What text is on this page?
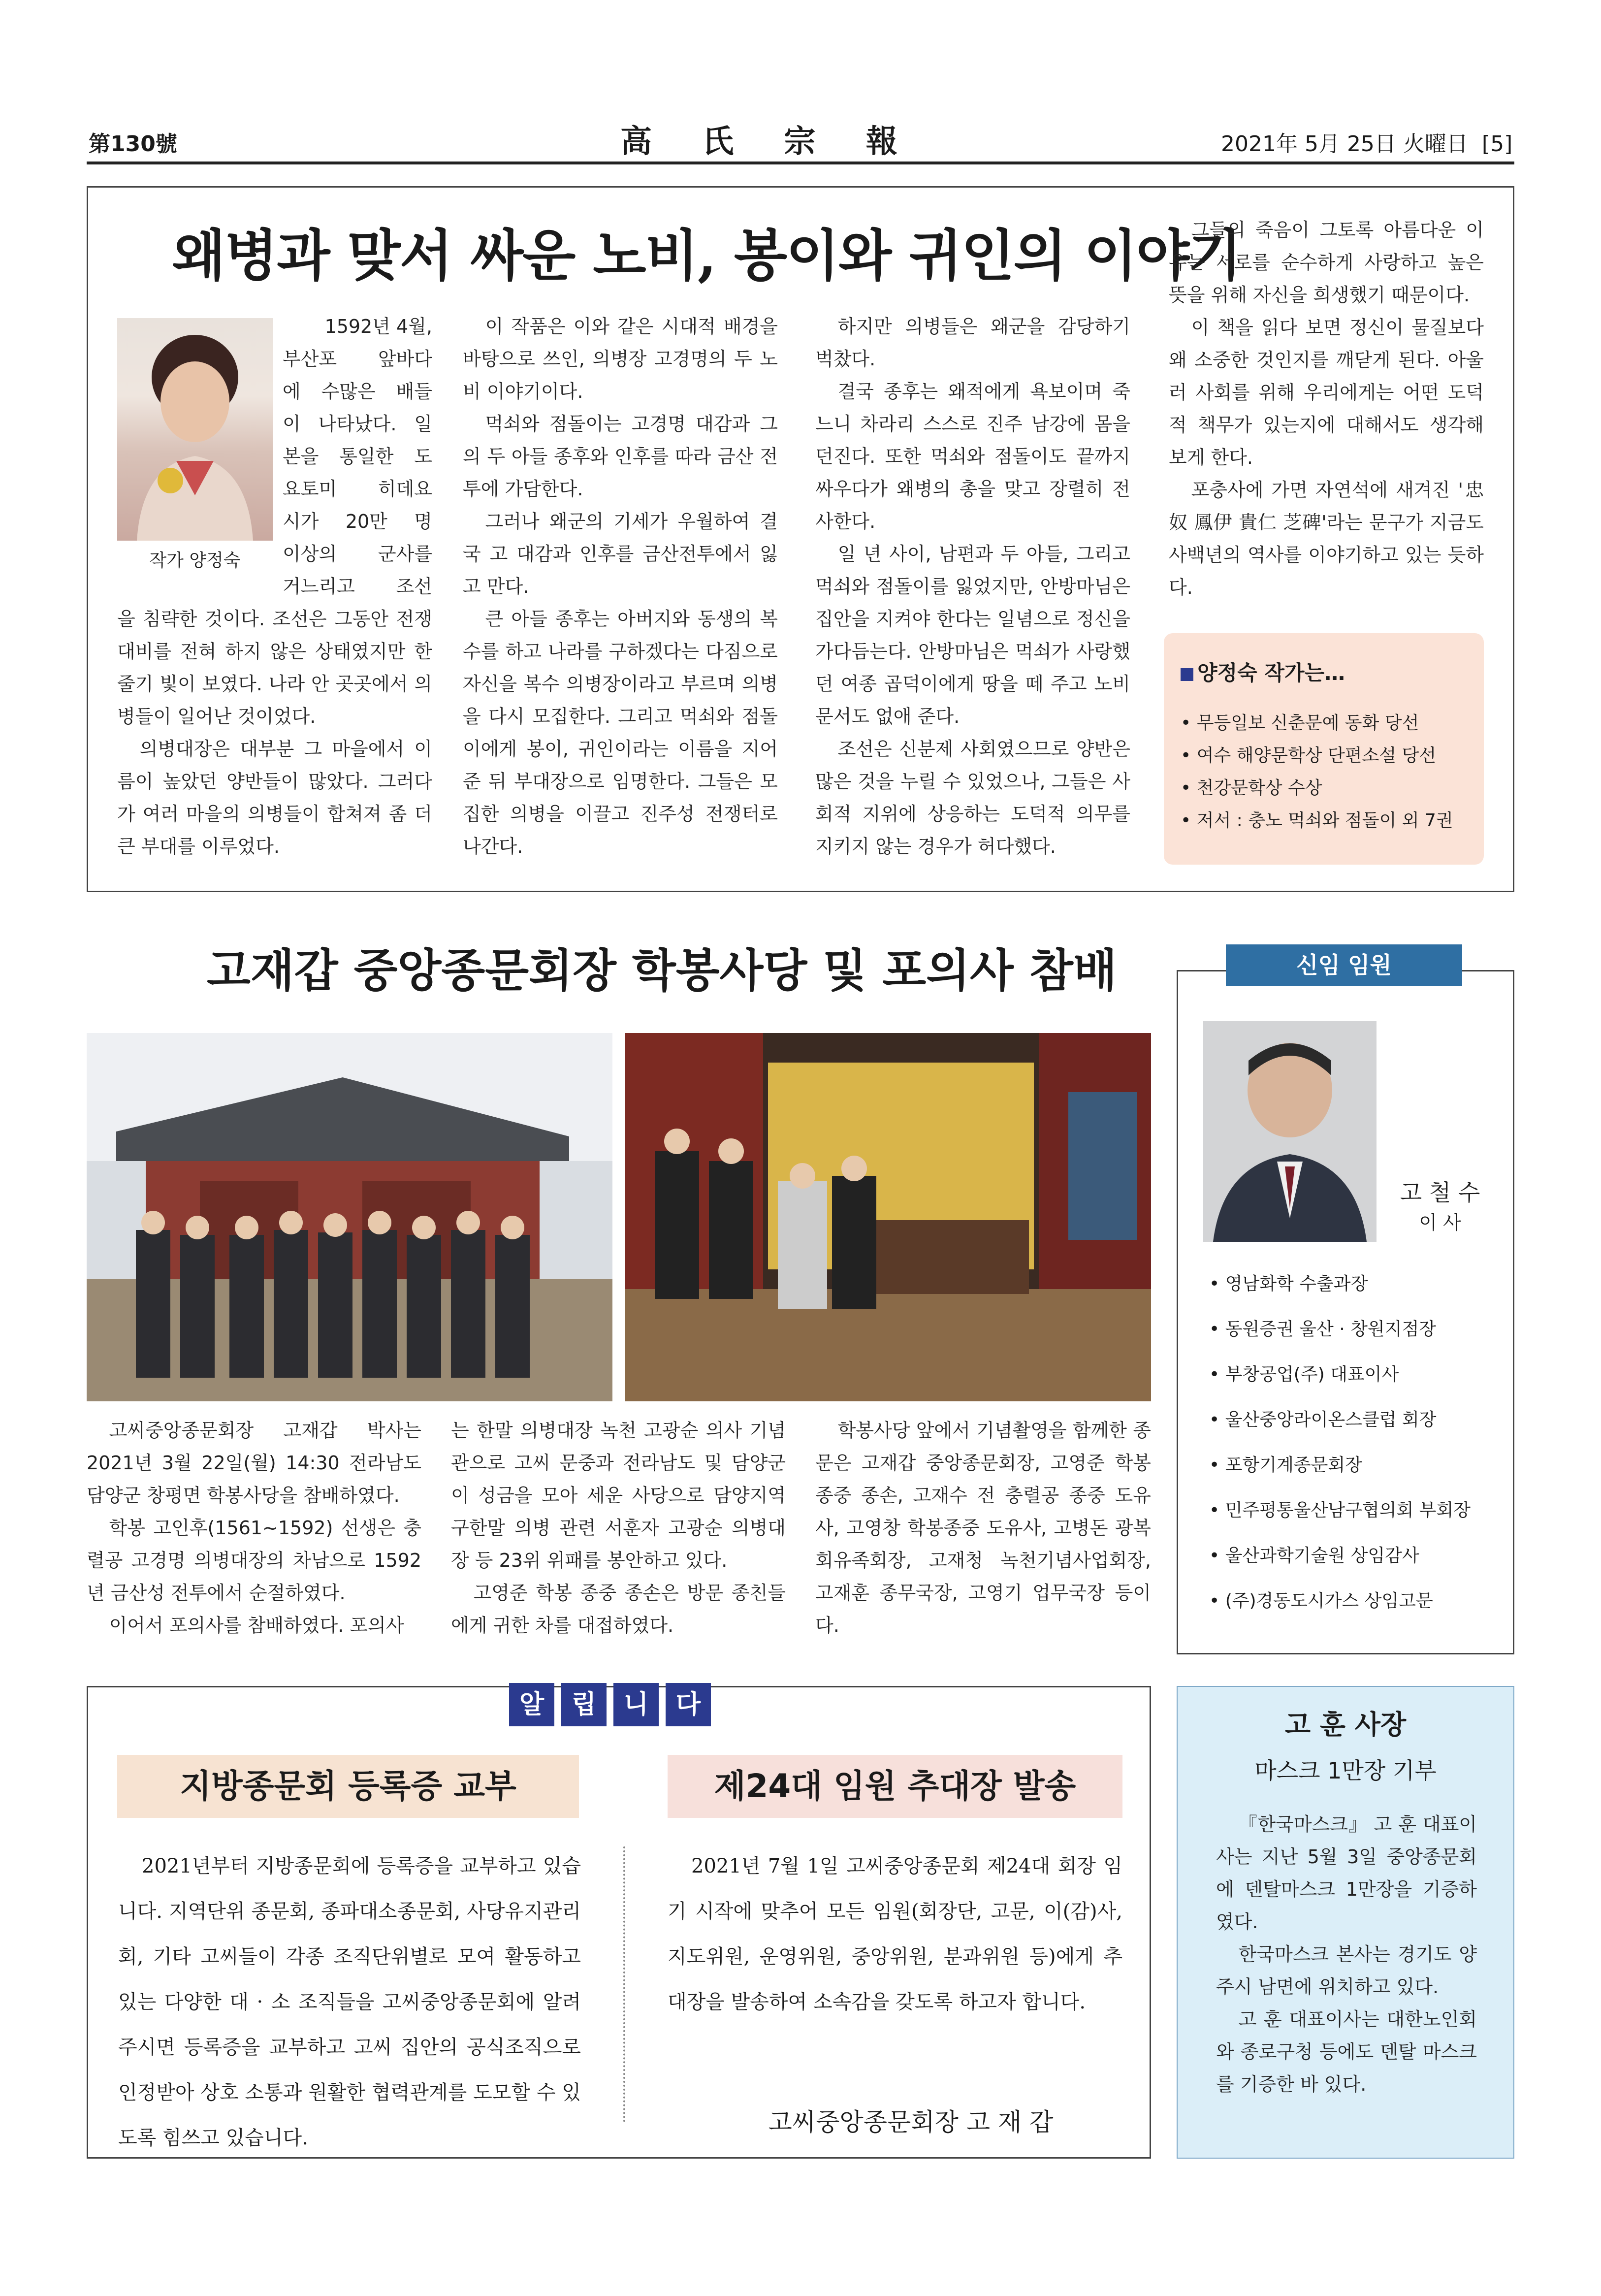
第130號	高 氏 宗 報	2021年 5月 25日 火曜日 [5]
왜병과 맞서 싸운 노비, 봉이와 귀인의 이야기
작가 양정숙
1592년 4월,
부산포 앞바다
에 수많은 배들
이 나타났다. 일
본을 통일한 도
요토미 히데요
시가 20만 명
이상의 군사를
거느리고 조선

을 침략한 것이다. 조선은 그동안 전쟁 대비를 전혀 하지 않은 상태였지만 한줄기 빛이 보였다. 나라 안 곳곳에서 의병들이 일어난 것이었다.

의병대장은 대부분 그 마을에서 이름이 높았던 양반들이 많았다. 그러다가 여러 마을의 의병들이 합쳐져 좀 더 큰 부대를 이루었다.

이 작품은 이와 같은 시대적 배경을 바탕으로 쓰인, 의병장 고경명의 두 노비 이야기이다.

먹쇠와 점돌이는 고경명 대감과 그의 두 아들 종후와 인후를 따라 금산 전투에 가담한다.

그러나 왜군의 기세가 우월하여 결국 고 대감과 인후를 금산전투에서 잃고 만다.

큰 아들 종후는 아버지와 동생의 복수를 하고 나라를 구하겠다는 다짐으로 자신을 복수 의병장이라고 부르며 의병을 다시 모집한다. 그리고 먹쇠와 점돌이에게 봉이, 귀인이라는 이름을 지어 준 뒤 부대장으로 임명한다. 그들은 모집한 의병을 이끌고 진주성 전쟁터로 나간다.

하지만 의병들은 왜군을 감당하기 벅찼다.

결국 종후는 왜적에게 욕보이며 죽느니 차라리 스스로 진주 남강에 몸을 던진다. 또한 먹쇠와 점돌이도 끝까지 싸우다가 왜병의 총을 맞고 장렬히 전사한다.

일 년 사이, 남편과 두 아들, 그리고 먹쇠와 점돌이를 잃었지만, 안방마님은 집안을 지켜야 한다는 일념으로 정신을 가다듬는다. 안방마님은 먹쇠가 사랑했던 여종 곱덕이에게 땅을 떼 주고 노비 문서도 없애 준다.

조선은 신분제 사회였으므로 양반은 많은 것을 누릴 수 있었으나, 그들은 사회적 지위에 상응하는 도덕적 의무를 지키지 않는 경우가 허다했다.

그들의 죽음이 그토록 아름다운 이유는 서로를 순수하게 사랑하고 높은 뜻을 위해 자신을 희생했기 때문이다.

이 책을 읽다 보면 정신이 물질보다 왜 소중한 것인지를 깨닫게 된다. 아울러 사회를 위해 우리에게는 어떤 도덕적 책무가 있는지에 대해서도 생각해 보게 한다.

포충사에 가면 자연석에 새겨진 '忠奴 鳳伊 貴仁 芝碑'라는 문구가 지금도 사백년의 역사를 이야기하고 있는 듯하다.

양정숙 작가는…
• 무등일보 신춘문예 동화 당선
• 여수 해양문학상 단편소설 당선
• 천강문학상 수상
• 저서 : 충노 먹쇠와 점돌이 외 7권
고재갑 중앙종문회장 학봉사당 및 포의사 참배

고씨중앙종문회장 고재갑 박사는 2021년 3월 22일(월) 14:30 전라남도 담양군 창평면 학봉사당을 참배하였다.

학봉 고인후(1561~1592) 선생은 충렬공 고경명 의병대장의 차남으로 1592년 금산성 전투에서 순절하였다.

이어서 포의사를 참배하였다. 포의사

는 한말 의병대장 녹천 고광순 의사 기념관으로 고씨 문중과 전라남도 및 담양군이 성금을 모아 세운 사당으로 담양지역 구한말 의병 관련 서훈자 고광순 의병대장 등 23위 위패를 봉안하고 있다.

고영준 학봉 종중 종손은 방문 종친들에게 귀한 차를 대접하였다.

학봉사당 앞에서 기념촬영을 함께한 종문은 고재갑 중앙종문회장, 고영준 학봉종중 종손, 고재수 전 충렬공 종중 도유사, 고영창 학봉종중 도유사, 고병돈 광복회유족회장, 고재청 녹천기념사업회장, 고재훈 종무국장, 고영기 업무국장 등이다.

신임 임원
고 철 수
이 사
• 영남화학 수출과장
• 동원증권 울산 · 창원지점장
• 부창공업(주) 대표이사
• 울산중앙라이온스클럽 회장
• 포항기계종문회장
• 민주평통울산남구협의회 부회장
• 울산과학기술원 상임감사
• (주)경동도시가스 상임고문
알	립	니	다
지방종문회 등록증 교부
2021년부터 지방종문회에 등록증을 교부하고 있습니다. 지역단위 종문회, 종파대소종문회, 사당유지관리회, 기타 고씨들이 각종 조직단위별로 모여 활동하고 있는 다양한 대 · 소 조직들을 고씨중앙종문회에 알려 주시면 등록증을 교부하고 고씨 집안의 공식조직으로 인정받아 상호 소통과 원활한 협력관계를 도모할 수 있도록 힘쓰고 있습니다.
제24대 임원 추대장 발송
2021년 7월 1일 고씨중앙종문회 제24대 회장 임기 시작에 맞추어 모든 임원(회장단, 고문, 이(감)사, 지도위원, 운영위원, 중앙위원, 분과위원 등)에게 추대장을 발송하여 소속감을 갖도록 하고자 합니다.
고씨중앙종문회장 고 재 갑
고 훈 사장
마스크 1만장 기부

『한국마스크』 고 훈 대표이사는 지난 5월 3일 중앙종문회에 덴탈마스크 1만장을 기증하였다.

한국마스크 본사는 경기도 양주시 남면에 위치하고 있다.

고 훈 대표이사는 대한노인회와 종로구청 등에도 덴탈 마스크를 기증한 바 있다.
